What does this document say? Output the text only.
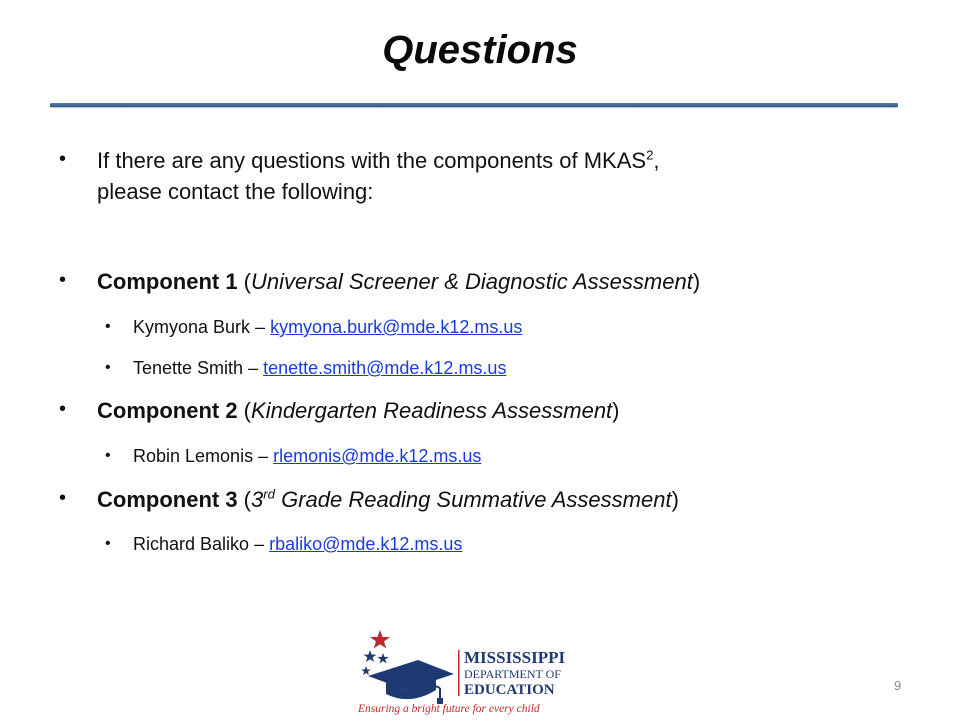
Questions
• If there are any questions with the components of MKAS$^2$,
please contact the following:
• Component 1 (Universal Screener & Diagnostic Assessment)
• Kymyona Burk – kymyona.burk@mde.k12.ms.us
• Tenette Smith – tenette.smith@mde.k12.ms.us
• Component 2 (Kindergarten Readiness Assessment)
• Robin Lemonis – rlemonis@mde.k12.ms.us
• Component 3 (3rd Grade Reading Summative Assessment)
• Richard Baliko – rbaliko@mde.k12.ms.us
MISSISSIPPI
DEPARTMENT OF
EDUCATION
Ensuring a bright future for every child
9
